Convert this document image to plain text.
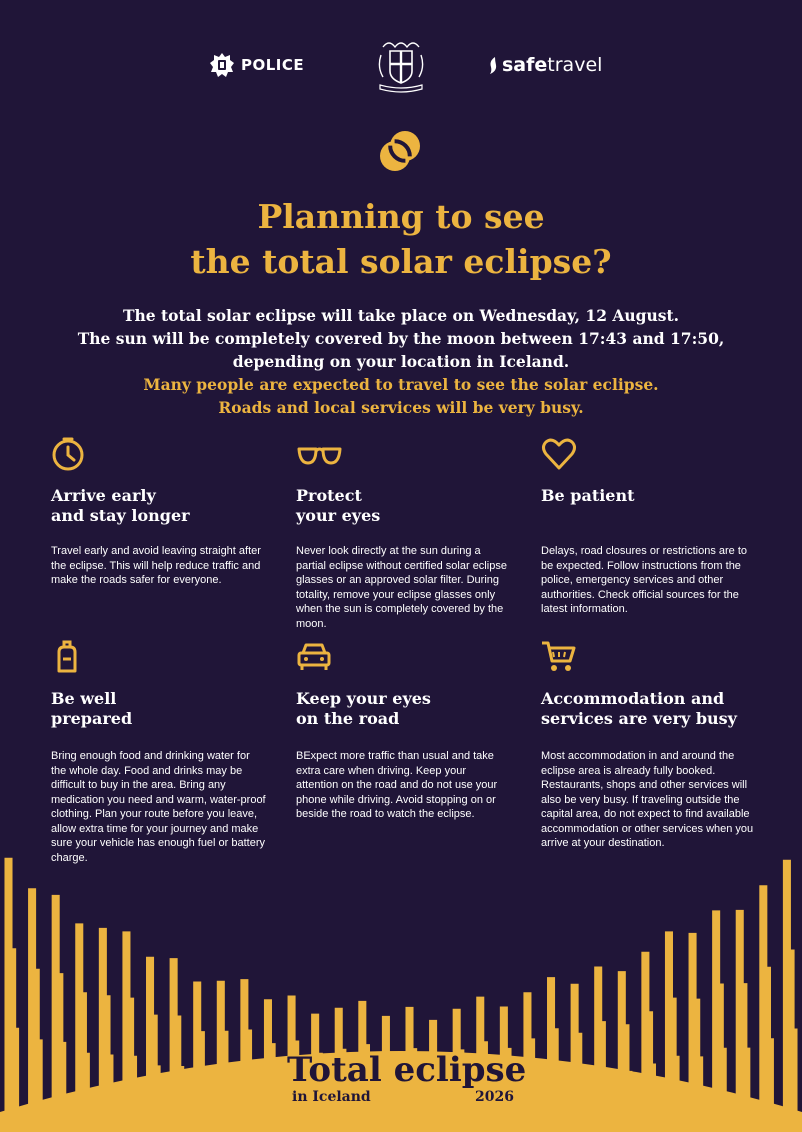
POLICE	safetravel
Planning to see
the total solar eclipse?
The total solar eclipse will take place on Wednesday, 12 August.
The sun will be completely covered by the moon between 17:43 and 17:50,
depending on your location in Iceland.
Many people are expected to travel to see the solar eclipse.
Roads and local services will be very busy.
Arrive early
and stay longer
Travel early and avoid leaving straight after the eclipse. This will help reduce traffic and make the roads safer for everyone.
Protect
your eyes
Never look directly at the sun during a partial eclipse without certified solar eclipse glasses or an approved solar filter. During totality, remove your eclipse glasses only when the sun is completely covered by the moon.
Be patient
Delays, road closures or restrictions are to be expected. Follow instructions from the police, emergency services and other authorities. Check official sources for the latest information.
Be well
prepared
Bring enough food and drinking water for the whole day. Food and drinks may be difficult to buy in the area. Bring any medication you need and warm, water-proof clothing. Plan your route before you leave, allow extra time for your journey and make sure your vehicle has enough fuel or battery charge.
Keep your eyes
on the road
BExpect more traffic than usual and take extra care when driving. Keep your attention on the road and do not use your phone while driving. Avoid stopping on or beside the road to watch the eclipse.
Accommodation and
services are very busy
Most accommodation in and around the eclipse area is already fully booked. Restaurants, shops and other services will also be very busy. If traveling outside the capital area, do not expect to find available accommodation or other services when you arrive at your destination.
Total eclipse
in Iceland	2026
